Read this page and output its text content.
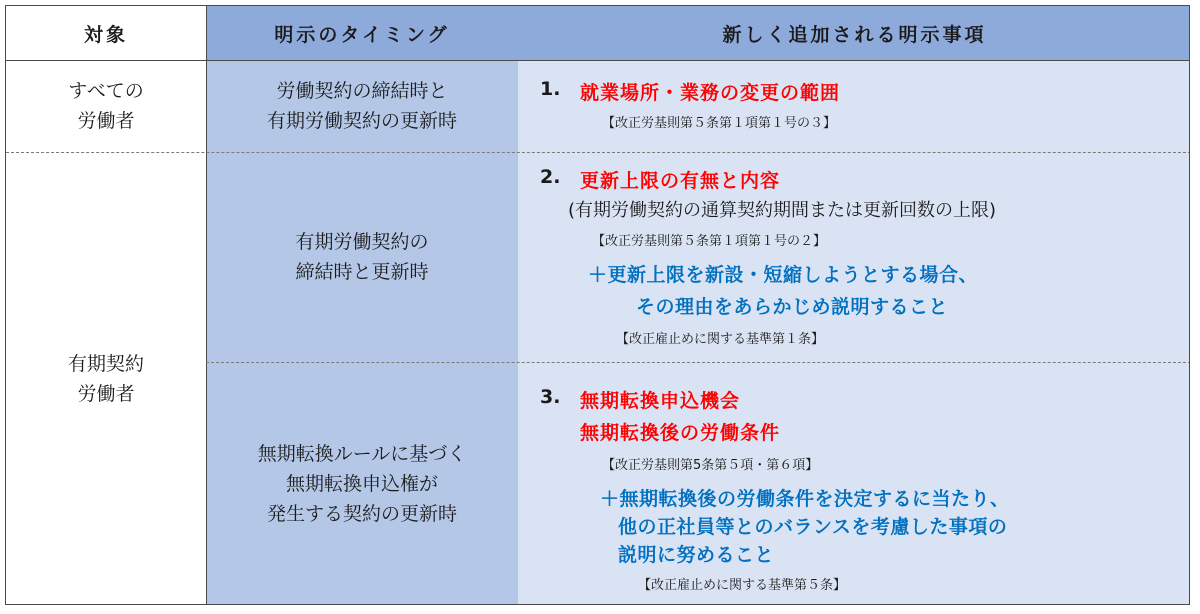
対象	明示のタイミング	新しく追加される明示事項
すべての
労働者
有期契約
労働者
労働契約の締結時と
有期労働契約の更新時
有期労働契約の
締結時と更新時
無期転換ルールに基づく
無期転換申込権が
発生する契約の更新時
1. 就業場所・業務の変更の範囲
【改正労基則第５条第１項第１号の３】
2. 更新上限の有無と内容
(有期労働契約の通算契約期間または更新回数の上限)
【改正労基則第５条第１項第１号の２】
＋更新上限を新設・短縮しようとする場合、
その理由をあらかじめ説明すること
【改正雇止めに関する基準第１条】
3. 無期転換申込機会
無期転換後の労働条件
【改正労基則第5条第５項・第６項】
＋無期転換後の労働条件を決定するに当たり、
他の正社員等とのバランスを考慮した事項の
説明に努めること
【改正雇止めに関する基準第５条】
